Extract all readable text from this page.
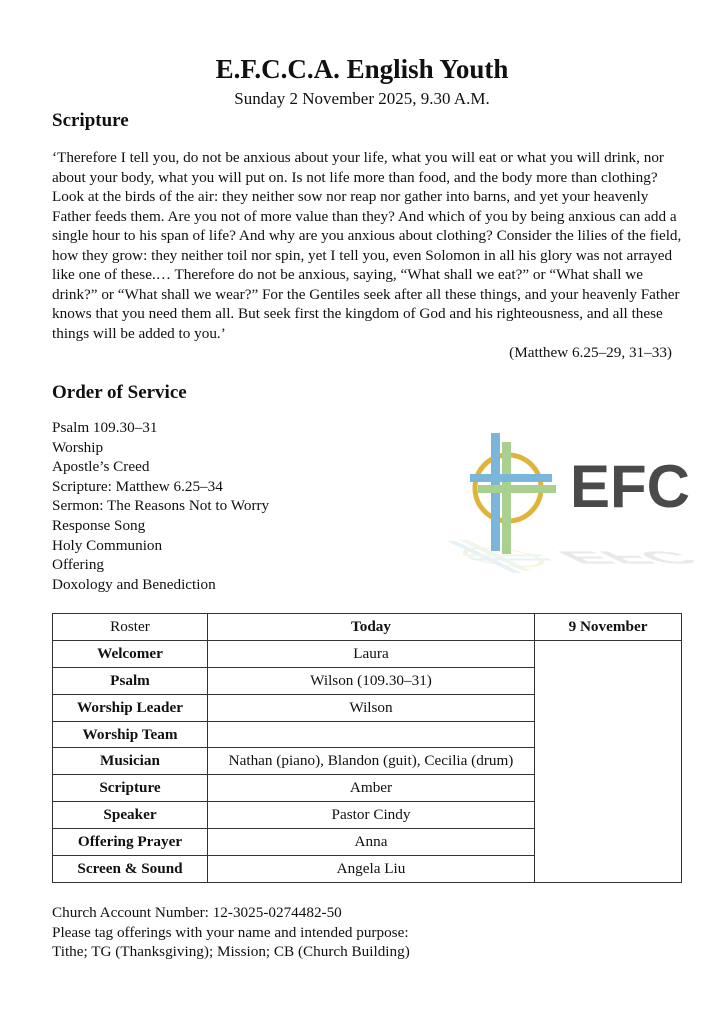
E.F.C.C.A. English Youth
Sunday 2 November 2025, 9.30 A.M.
Scripture

‘Therefore I tell you, do not be anxious about your life, what you will eat or what you will drink, nor about your body, what you will put on. Is not life more than food, and the body more than clothing? Look at the birds of the air: they neither sow nor reap nor gather into barns, and yet your heavenly Father feeds them. Are you not of more value than they? And which of you by being anxious can add a single hour to his span of life? And why are you anxious about clothing? Consider the lilies of the field, how they grow: they neither toil nor spin, yet I tell you, even Solomon in all his glory was not arrayed like one of these.… Therefore do not be anxious, saying, “What shall we eat?” or “What shall we drink?” or “What shall we wear?” For the Gentiles seek after all these things, and your heavenly Father knows that you need them all. But seek first the kingdom of God and his righteousness, and all these things will be added to you.’

(Matthew 6.25–29, 31–33)

Order of Service
Psalm 109.30–31
Worship
Apostle’s Creed
Scripture: Matthew 6.25–34
Sermon: The Reasons Not to Worry
Response Song
Holy Communion
Offering
Doxology and Benediction
EFC
EFC
Roster	Today	9 November
Welcomer	Laura	
Psalm	Wilson (109.30–31)	
Worship Leader	Wilson	
Worship Team		
Musician	Nathan (piano), Blandon (guit), Cecilia (drum)	
Scripture	Amber	
Speaker	Pastor Cindy	
Offering Prayer	Anna	
Screen & Sound	Angela Liu	
Church Account Number: 12-3025-0274482-50
Please tag offerings with your name and intended purpose:
Tithe; TG (Thanksgiving); Mission; CB (Church Building)
